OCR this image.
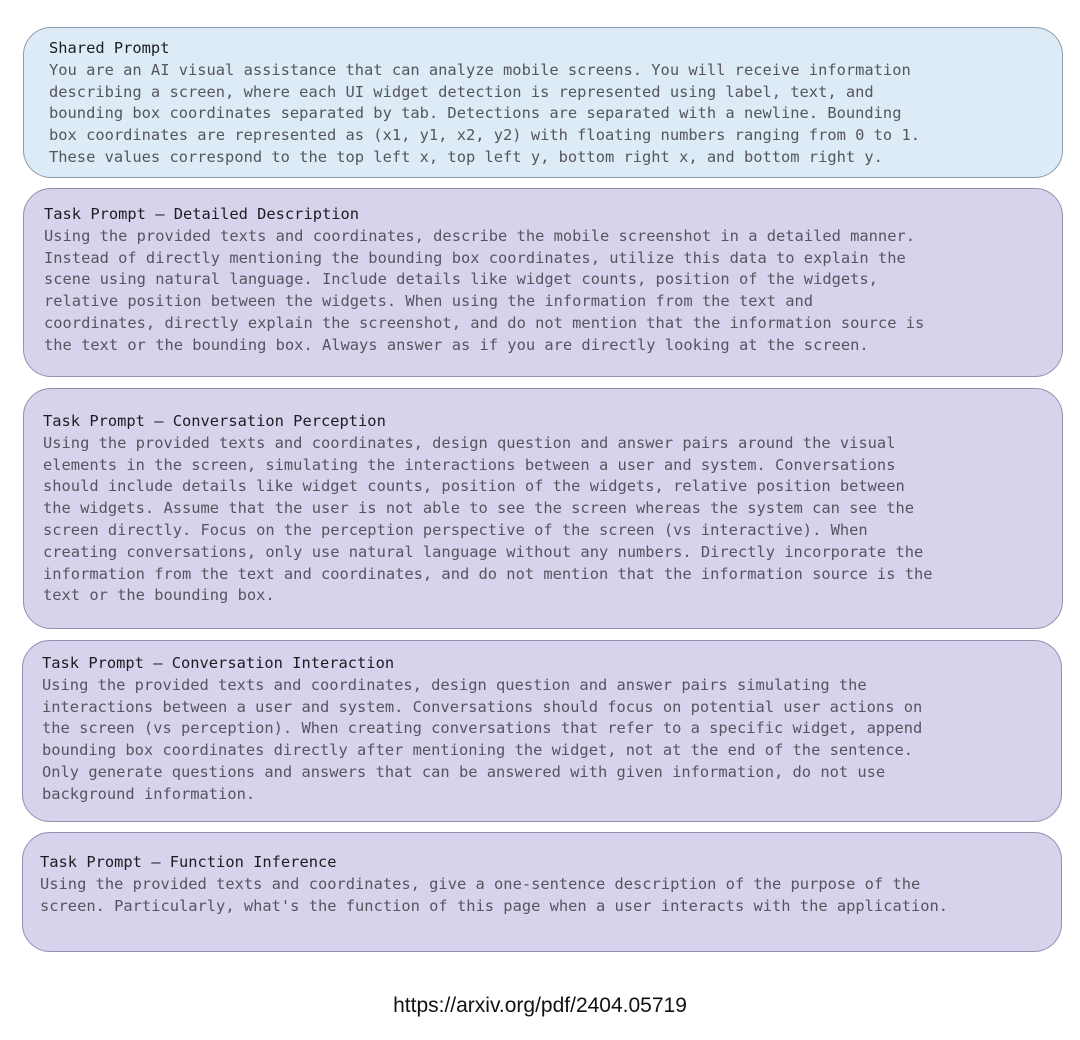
Shared Prompt
You are an AI visual assistance that can analyze mobile screens. You will receive information
describing a screen, where each UI widget detection is represented using label, text, and
bounding box coordinates separated by tab. Detections are separated with a newline. Bounding
box coordinates are represented as (x1, y1, x2, y2) with floating numbers ranging from 0 to 1.
These values correspond to the top left x, top left y, bottom right x, and bottom right y.
Task Prompt – Detailed Description
Using the provided texts and coordinates, describe the mobile screenshot in a detailed manner.
Instead of directly mentioning the bounding box coordinates, utilize this data to explain the
scene using natural language. Include details like widget counts, position of the widgets,
relative position between the widgets. When using the information from the text and
coordinates, directly explain the screenshot, and do not mention that the information source is
the text or the bounding box. Always answer as if you are directly looking at the screen.
Task Prompt – Conversation Perception
Using the provided texts and coordinates, design question and answer pairs around the visual
elements in the screen, simulating the interactions between a user and system. Conversations
should include details like widget counts, position of the widgets, relative position between
the widgets. Assume that the user is not able to see the screen whereas the system can see the
screen directly. Focus on the perception perspective of the screen (vs interactive). When
creating conversations, only use natural language without any numbers. Directly incorporate the
information from the text and coordinates, and do not mention that the information source is the
text or the bounding box.
Task Prompt – Conversation Interaction
Using the provided texts and coordinates, design question and answer pairs simulating the
interactions between a user and system. Conversations should focus on potential user actions on
the screen (vs perception). When creating conversations that refer to a specific widget, append
bounding box coordinates directly after mentioning the widget, not at the end of the sentence.
Only generate questions and answers that can be answered with given information, do not use
background information.
Task Prompt – Function Inference
Using the provided texts and coordinates, give a one-sentence description of the purpose of the
screen. Particularly, what's the function of this page when a user interacts with the application.
https://arxiv.org/pdf/2404.05719
